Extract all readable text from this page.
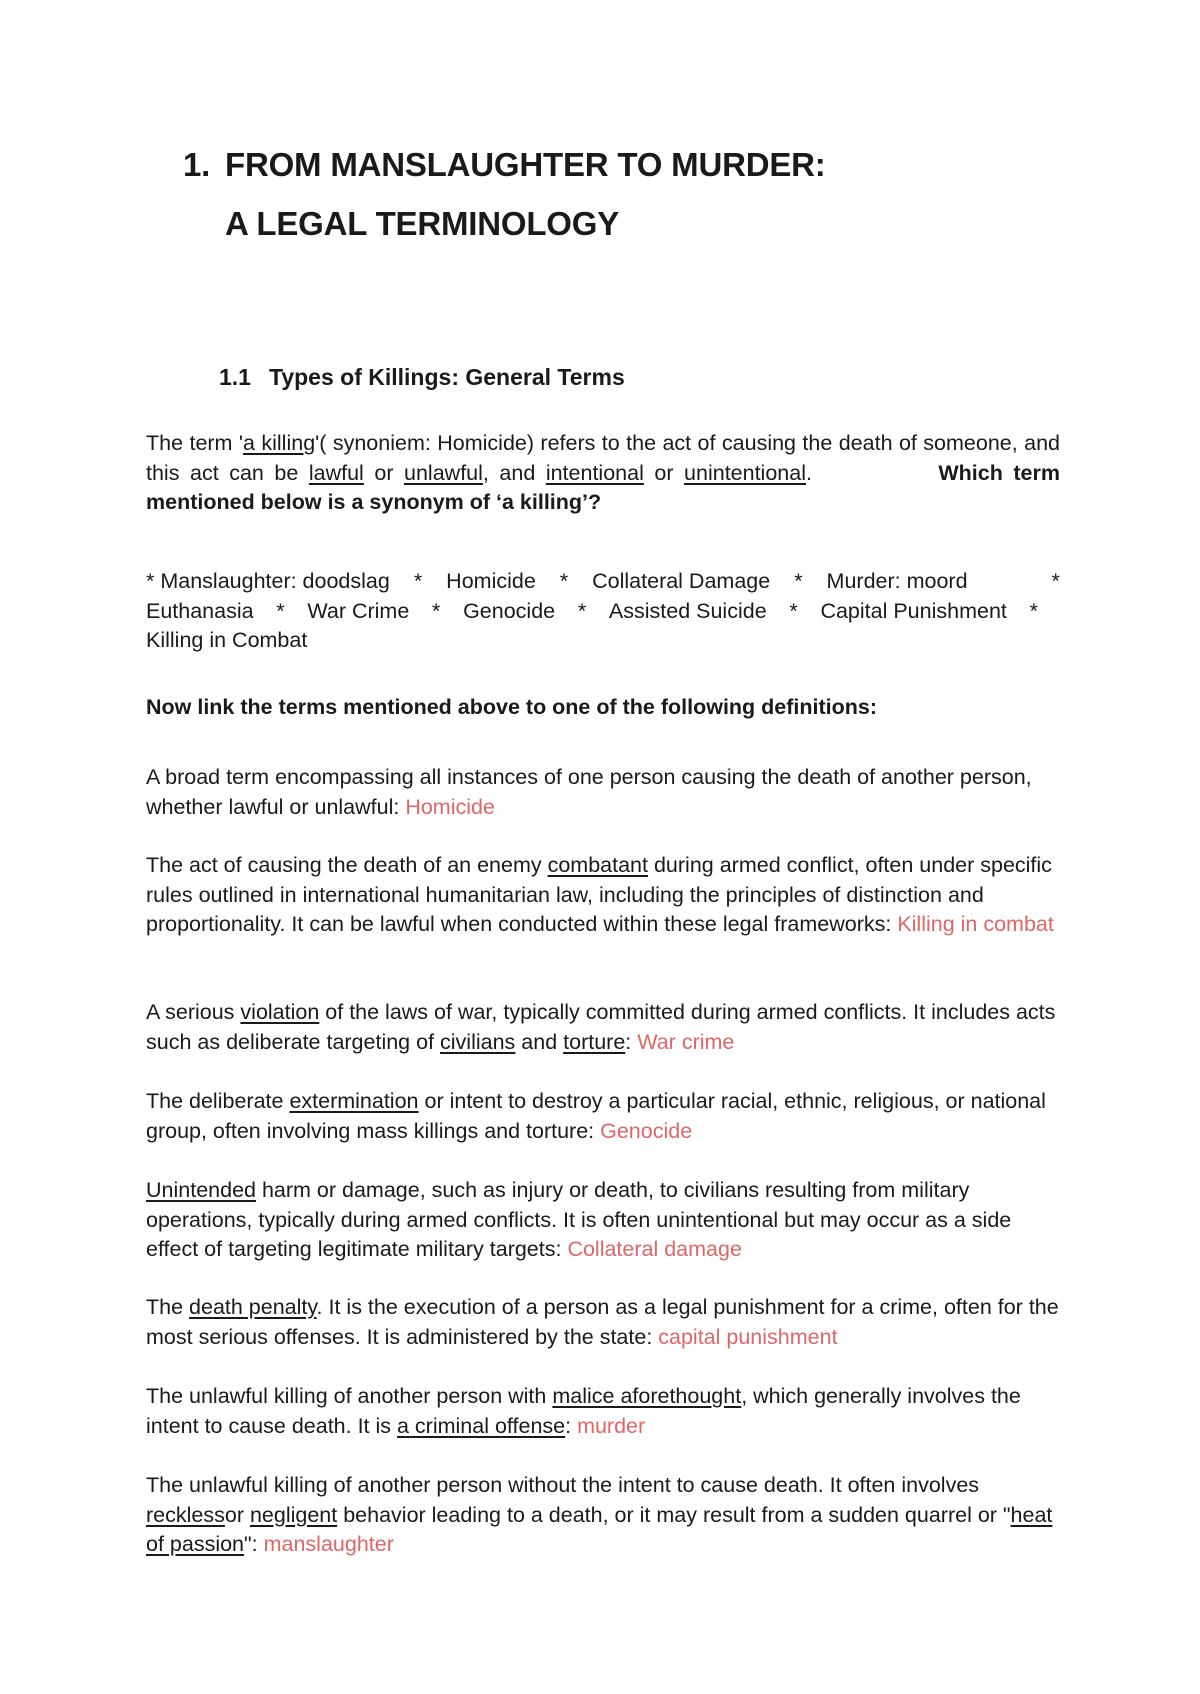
1. FROM MANSLAUGHTER TO MURDER:
A LEGAL TERMINOLOGY
1.1 Types of Killings: General Terms

The term 'a killing'( synoniem: Homicide) refers to the act of causing the death of someone, and this act can be lawful or unlawful, and intentional or unintentional.	Which term mentioned below is a synonym of ‘a killing’?

* Manslaughter: doodslag * Homicide * Collateral Damage * Murder: moord	*
Euthanasia * War Crime * Genocide * Assisted Suicide * Capital Punishment *
Killing in Combat

Now link the terms mentioned above to one of the following definitions:

A broad term encompassing all instances of one person causing the death of another person, whether lawful or unlawful: Homicide

The act of causing the death of an enemy combatant during armed conflict, often under specific rules outlined in international humanitarian law, including the principles of distinction and proportionality. It can be lawful when conducted within these legal frameworks: Killing in combat

A serious violation of the laws of war, typically committed during armed conflicts. It includes acts such as deliberate targeting of civilians and torture: War crime

The deliberate extermination or intent to destroy a particular racial, ethnic, religious, or national group, often involving mass killings and torture: Genocide

Unintended harm or damage, such as injury or death, to civilians resulting from military operations, typically during armed conflicts. It is often unintentional but may occur as a side effect of targeting legitimate military targets: Collateral damage

The death penalty. It is the execution of a person as a legal punishment for a crime, often for the most serious offenses. It is administered by the state: capital punishment

The unlawful killing of another person with malice aforethought, which generally involves the intent to cause death. It is a criminal offense: murder

The unlawful killing of another person without the intent to cause death. It often involves recklessor negligent behavior leading to a death, or it may result from a sudden quarrel or "heat of passion": manslaughter
